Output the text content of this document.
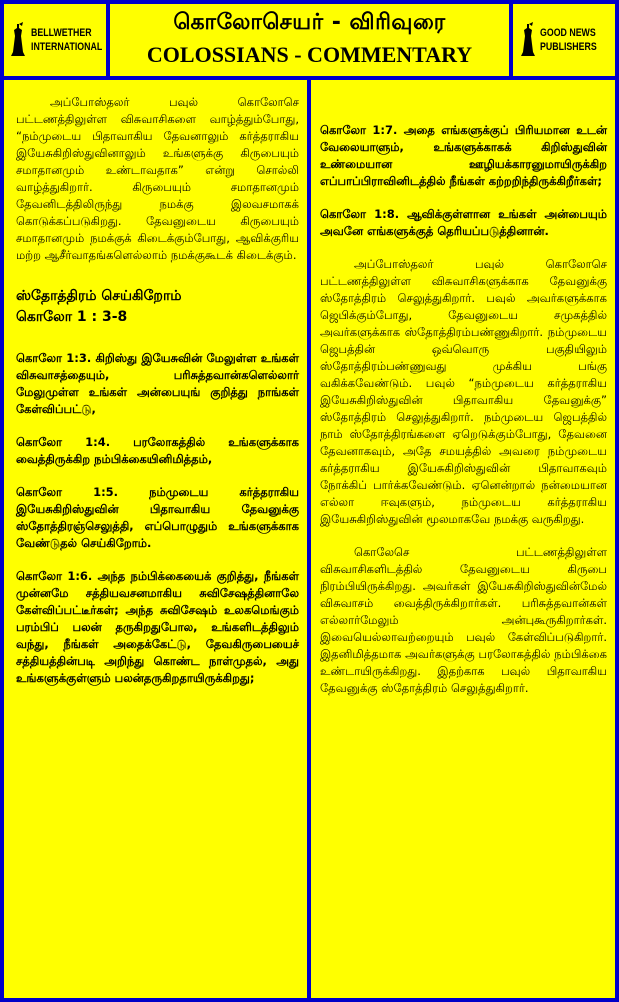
BELLWETHER
INTERNATIONAL
கொலோசெயர் - விரிவுரை
COLOSSIANS - COMMENTARY
GOOD NEWS
PUBLISHERS

அப்போஸ்தலர் பவுல் கொலோசெ பட்டணத்திலுள்ள விசுவாசிகளை வாழ்த்தும்போது, “நம்முடைய பிதாவாகிய தேவனாலும் கர்த்தராகிய இயேசுகிறிஸ்துவினாலும் உங்களுக்கு கிருபையும் சமாதானமும் உண்டாவதாக” என்று சொல்லி வாழ்த்துகிறார். கிருபையும் சமாதானமும் தேவனிடத்திலிருந்து நமக்கு இலவசமாகக் கொடுக்கப்படுகிறது. தேவனுடைய கிருபையும் சமாதானமும் நமக்குக் கிடைக்கும்போது, ஆவிக்குரிய மற்ற ஆசீர்வாதங்களெல்லாம் நமக்குகூடக் கிடைக்கும்.

ஸ்தோத்திரம் செய்கிறோம்
கொலோ 1 : 3-8

கொலோ 1:3. கிறிஸ்து இயேசுவின் மேலுள்ள உங்கள் விசுவாசத்தையும், பரிசுத்தவான்களெல்லார் மேலுமுள்ள உங்கள் அன்பையுங் குறித்து நாங்கள் கேள்விப்பட்டு,

கொலோ 1:4. பரலோகத்தில் உங்களுக்காக வைத்திருக்கிற நம்பிக்கையினிமித்தம்,

கொலோ 1:5. நம்முடைய கர்த்தராகிய இயேசுகிறிஸ்துவின் பிதாவாகிய தேவனுக்கு ஸ்தோத்திரஞ்செலுத்தி, எப்பொழுதும் உங்களுக்காக வேண்டுதல் செய்கிறோம்.

கொலோ 1:6. அந்த நம்பிக்கையைக் குறித்து, நீங்கள் முன்னமே சத்தியவசனமாகிய சுவிசேஷத்தினாலே கேள்விப்பட்டீர்கள்; அந்த சுவிசேஷம் உலகமெங்கும் பரம்பிப் பலன் தருகிறதுபோல, உங்களிடத்திலும் வந்து, நீங்கள் அதைக்கேட்டு, தேவகிருபையைச் சத்தியத்தின்படி அறிந்து கொண்ட நாள்முதல், அது உங்களுக்குள்ளும் பலன்தருகிறதாயிருக்கிறது;

கொலோ 1:7. அதை எங்களுக்குப் பிரியமான உடன் வேலையாளும், உங்களுக்காகக் கிறிஸ்துவின் உண்மையான ஊழியக்காரனுமாயிருக்கிற எப்பாப்பிராவினிடத்தில் நீங்கள் கற்றறிந்திருக்கிறீர்கள்;

கொலோ 1:8. ஆவிக்குள்ளான உங்கள் அன்பையும் அவனே எங்களுக்குத் தெரியப்படுத்தினான்.

அப்போஸ்தலர் பவுல் கொலோசெ பட்டணத்திலுள்ள விசுவாசிகளுக்காக தேவனுக்கு ஸ்தோத்திரம் செலுத்துகிறார். பவுல் அவர்களுக்காக ஜெபிக்கும்போது, தேவனுடைய சமுகத்தில் அவர்களுக்காக ஸ்தோத்திரம்பண்ணுகிறார். நம்முடைய ஜெபத்தின் ஒவ்வொரு பகுதியிலும் ஸ்தோத்திரம்பண்ணுவது முக்கிய பங்கு வகிக்கவேண்டும். பவுல் “நம்முடைய கர்த்தராகிய இயேசுகிறிஸ்துவின் பிதாவாகிய தேவனுக்கு” ஸ்தோத்திரம் செலுத்துகிறார். நம்முடைய ஜெபத்தில் நாம் ஸ்தோத்திரங்களை ஏறெடுக்கும்போது, தேவனை தேவனாகவும், அதே சமயத்தில் அவரை நம்முடைய கர்த்தராகிய இயேசுகிறிஸ்துவின் பிதாவாகவும் நோக்கிப் பார்க்கவேண்டும். ஏனென்றால் நன்மையான எல்லா ஈவுகளும், நம்முடைய கர்த்தராகிய இயேசுகிறிஸ்துவின் மூலமாகவே நமக்கு வருகிறது.

கொலேசெ பட்டணத்திலுள்ள விசுவாசிகளிடத்தில் தேவனுடைய கிருபை நிரம்பியிருக்கிறது. அவர்கள் இயேசுகிறிஸ்துவின்மேல் விசுவாசம் வைத்திருக்கிறார்கள். பரிசுத்தவான்கள் எல்லார்மேலும் அன்புகூருகிறார்கள். இவையெல்லாவற்றையும் பவுல் கேள்விப்படுகிறார். இதனிமித்தமாக அவர்களுக்கு பரலோகத்தில் நம்பிக்கை உண்டாயிருக்கிறது. இதற்காக பவுல் பிதாவாகிய தேவனுக்கு ஸ்தோத்திரம் செலுத்துகிறார்.
